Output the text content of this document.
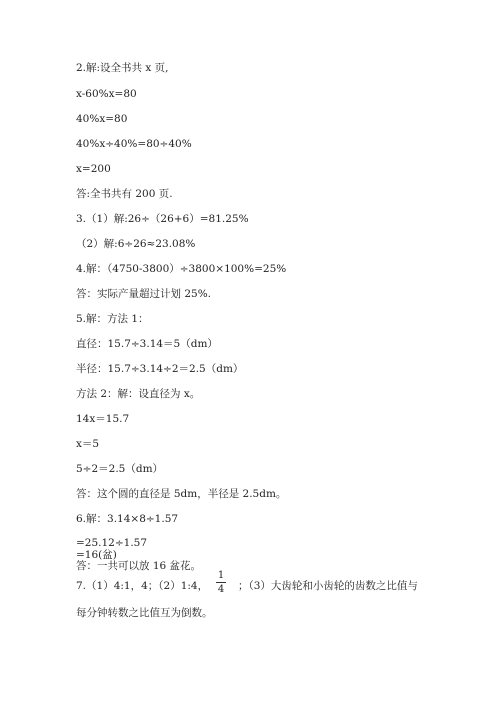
2.解:设全书共 x 页,
x-60%x=80
40%x=80
40%x÷40%=80÷40%
x=200
答:全书共有 200 页.
3.（1）解:26÷（26+6）=81.25%
（2）解:6÷26≈23.08%
4.解：（4750-3800）÷3800×100%=25%
答：实际产量超过计划 25%.
5.解：方法 1：
直径：15.7÷3.14＝5（dm）
半径：15.7÷3.14÷2＝2.5（dm）
方法 2：解：设直径为 x。
14x＝15.7
x＝5
5÷2＝2.5（dm）
答：这个圆的直径是 5dm，半径是 2.5dm。
6.解：3.14×8÷1.57
=25.12÷1.57
=16(盆)
答：一共可以放 16 盆花。
7.（1）4:1，4；（2）1:4，
1
4	；（3）大齿轮和小齿轮的齿数之比值与
每分钟转数之比值互为倒数。
